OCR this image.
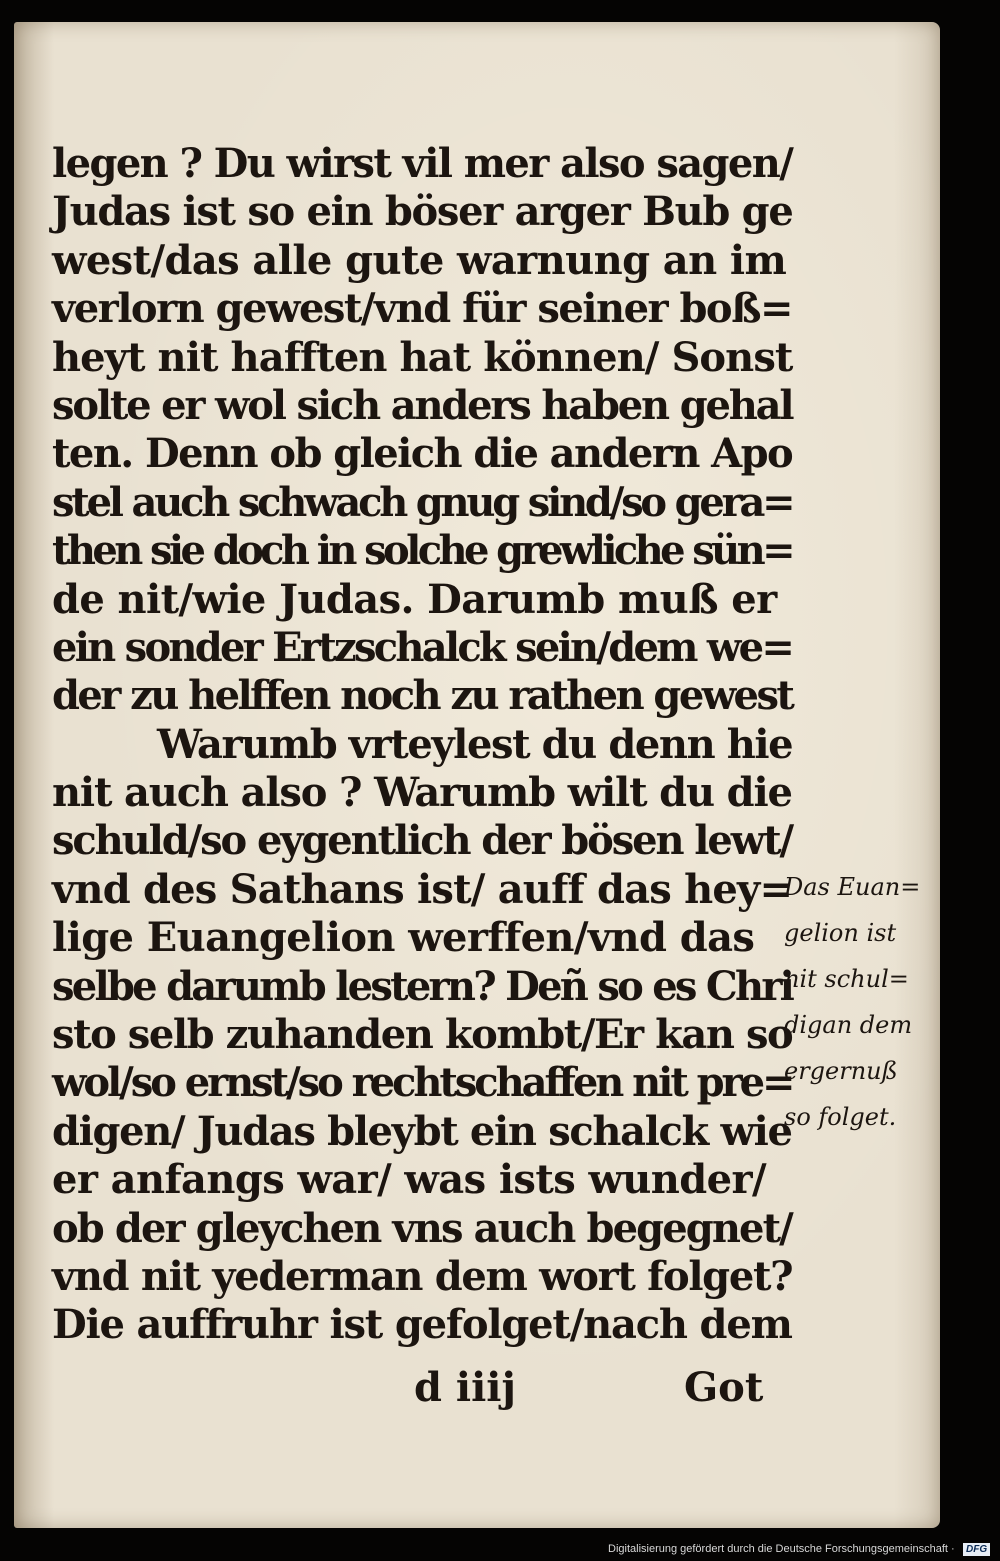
legen ? Du wirst vil mer also sagen/
Judas ist so ein böser arger Bub ge
west/das alle gute warnung an im
verlorn gewest/vnd für seiner boß=
heyt nit hafften hat können/ Sonst
solte er wol sich anders haben gehal
ten. Denn ob gleich die andern Apo
stel auch schwach gnug sind/so gera=
then sie doch in solche grewliche sün=
de nit/wie Judas. Darumb muß er
ein sonder Ertzschalck sein/dem we=
der zu helffen noch zu rathen gewest
Warumb vrteylest du denn hie
nit auch also ? Warumb wilt du die
schuld/so eygentlich der bösen lewt/
vnd des Sathans ist/ auff das hey=
lige Euangelion werffen/vnd das
selbe darumb lestern? Deñ so es Chri
sto selb zuhanden kombt/Er kan so
wol/so ernst/so rechtschaffen nit pre=
digen/ Judas bleybt ein schalck wie
er anfangs war/ was ists wunder/
ob der gleychen vns auch begegnet/
vnd nit yederman dem wort folget?
Die auffruhr ist gefolget/nach dem
d iiij	Got
Das Euan=
gelion ist
nit schul=
digan dem
ergernuß
so folget.
Digitalisierung gefördert durch die Deutsche Forschungsgemeinschaft ·	DFG
